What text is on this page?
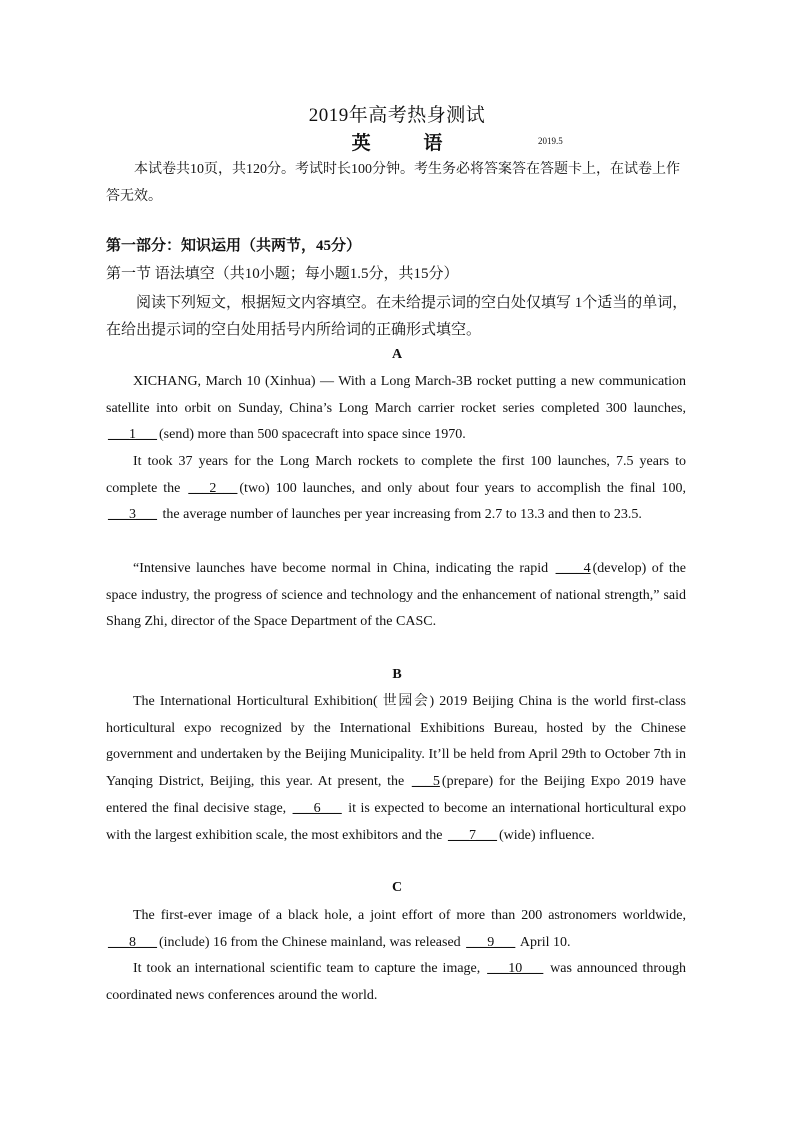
2019年高考热身测试
英 语	2019.5

本试卷共10页，共120分。考试时长100分钟。考生务必将答案答在答题卡上，在试卷上作答无效。

第一部分：知识运用（共两节，45分）
第一节 语法填空（共10小题；每小题1.5分，共15分）

阅读下列短文，根据短文内容填空。在未给提示词的空白处仅填写 1个适当的单词，在给出提示词的空白处用括号内所给词的正确形式填空。

A

XICHANG, March 10 (Xinhua) — With a Long March-3B rocket putting a new communication satellite into orbit on Sunday, China’s Long March carrier rocket series completed 300 launches, ___1___ (send) more than 500 spacecraft into space since 1970.

It took 37 years for the Long March rockets to complete the first 100 launches, 7.5 years to complete the ___2___ (two) 100 launches, and only about four years to accomplish the final 100, ___3___ the average number of launches per year increasing from 2.7 to 13.3 and then to 23.5.

“Intensive launches have become normal in China, indicating the rapid ____4 (develop) of the space industry, the progress of science and technology and the enhancement of national strength,” said Shang Zhi, director of the Space Department of the CASC.

B

The International Horticultural Exhibition( 世园会) 2019 Beijing China is the world first-class horticultural expo recognized by the International Exhibitions Bureau, hosted by the Chinese government and undertaken by the Beijing Municipality. It’ll be held from April 29th to October 7th in Yanqing District, Beijing, this year. At present, the ___5 (prepare) for the Beijing Expo 2019 have entered the final decisive stage, ___6___ it is expected to become an international horticultural expo with the largest exhibition scale, the most exhibitors and the ___7___ (wide) influence.

C

The first-ever image of a black hole, a joint effort of more than 200 astronomers worldwide, ___8___ (include) 16 from the Chinese mainland, was released ___9___ April 10.

It took an international scientific team to capture the image, ___10___ was announced through coordinated news conferences around the world.
